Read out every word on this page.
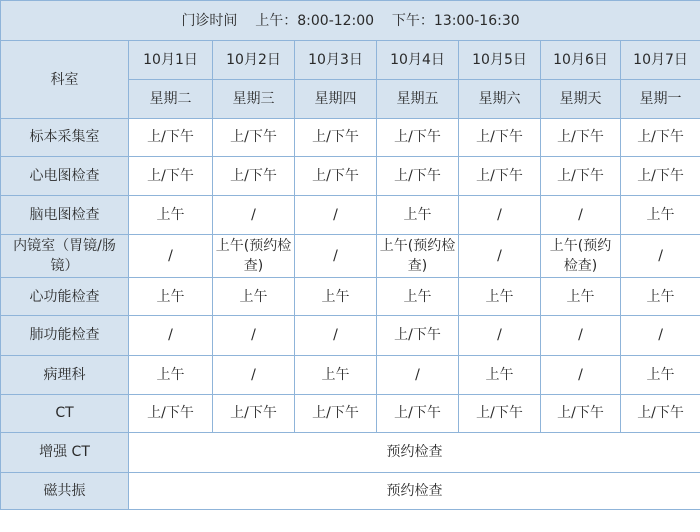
门诊时间 上午：8:00-12:00 下午：13:00-16:30							
科室	10月1日	10月2日	10月3日	10月4日	10月5日	10月6日	10月7日
	星期二	星期三	星期四	星期五	星期六	星期天	星期一
标本采集室	上/下午	上/下午	上/下午	上/下午	上/下午	上/下午	上/下午
心电图检查	上/下午	上/下午	上/下午	上/下午	上/下午	上/下午	上/下午
脑电图检查	上午	/	/	上午	/	/	上午
内镜室（胃镜/肠镜）	/	上午(预约检查)	/	上午(预约检查)	/	上午(预约检查)	/
心功能检查	上午	上午	上午	上午	上午	上午	上午
肺功能检查	/	/	/	上/下午	/	/	/
病理科	上午	/	上午	/	上午	/	上午
CT	上/下午	上/下午	上/下午	上/下午	上/下午	上/下午	上/下午
增强 CT	预约检查						
磁共振	预约检查						
